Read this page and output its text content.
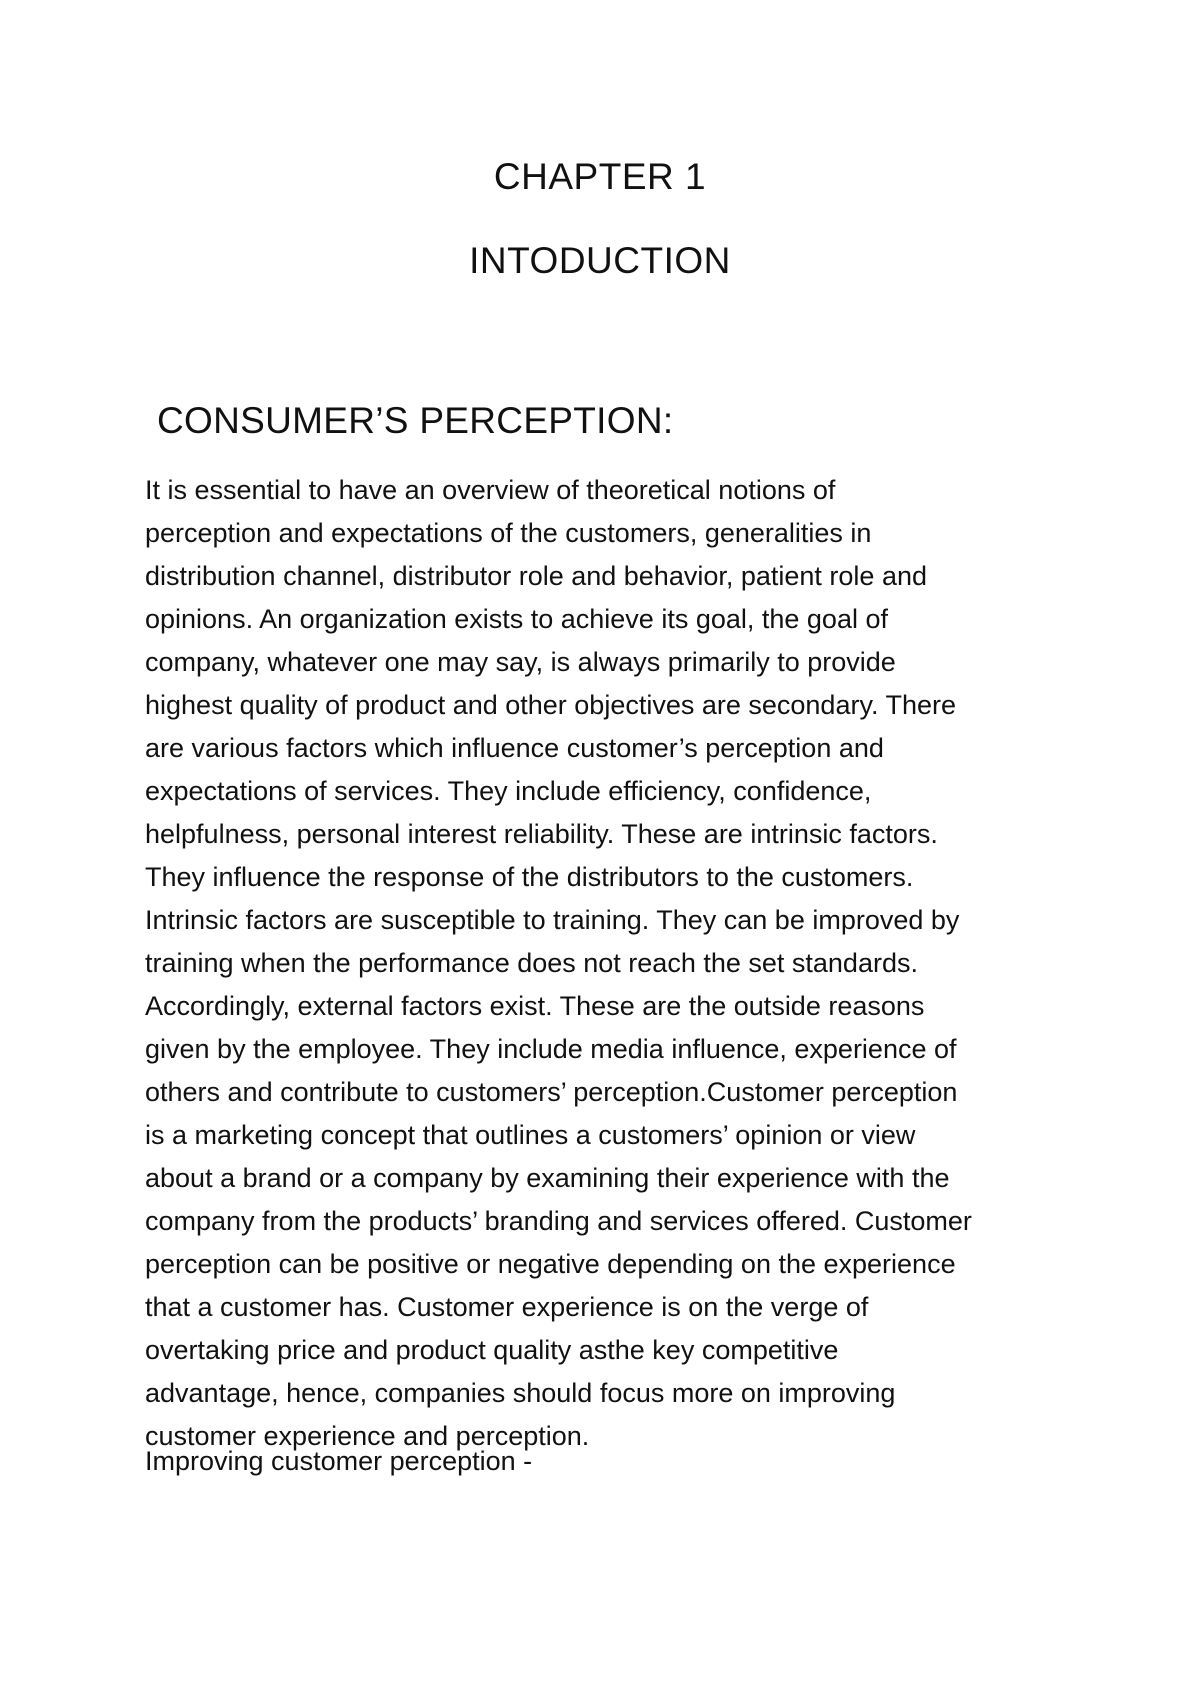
CHAPTER 1
INTODUCTION
CONSUMER’S PERCEPTION:
It is essential to have an overview of theoretical notions of
perception and expectations of the customers, generalities in
distribution channel, distributor role and behavior, patient role and
opinions. An organization exists to achieve its goal, the goal of
company, whatever one may say, is always primarily to provide
highest quality of product and other objectives are secondary. There
are various factors which influence customer’s perception and
expectations of services. They include efficiency, confidence,
helpfulness, personal interest reliability. These are intrinsic factors.
They influence the response of the distributors to the customers.
Intrinsic factors are susceptible to training. They can be improved by
training when the performance does not reach the set standards.
Accordingly, external factors exist. These are the outside reasons
given by the employee. They include media influence, experience of
others and contribute to customers’ perception.Customer perception
is a marketing concept that outlines a customers’ opinion or view
about a brand or a company by examining their experience with the
company from the products’ branding and services offered. Customer
perception can be positive or negative depending on the experience
that a customer has. Customer experience is on the verge of
overtaking price and product quality asthe key competitive
advantage, hence, companies should focus more on improving
customer experience and perception.

Improving customer perception -
